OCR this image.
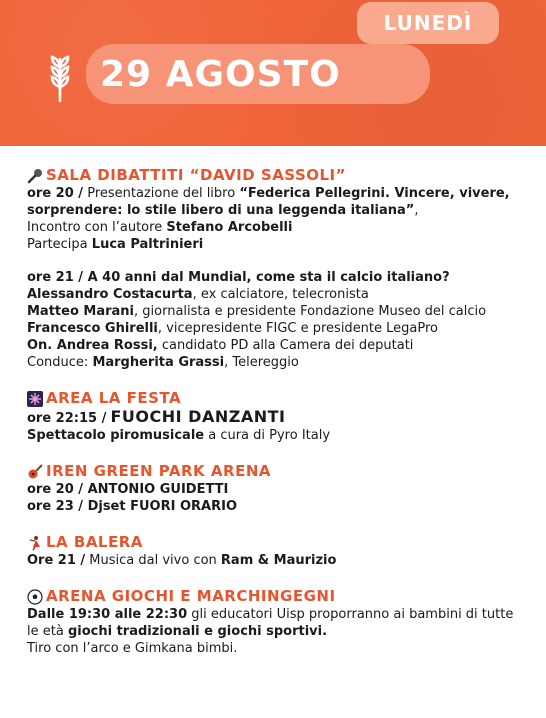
LUNEDÌ
29 AGOSTO
SALA DIBATTITI “DAVID SASSOLI”
ore 20 / Presentazione del libro “Federica Pellegrini. Vincere, vivere, sorprendere: lo stile libero di una leggenda italiana”,
Incontro con l’autore Stefano Arcobelli
Partecipa Luca Paltrinieri
ore 21 / A 40 anni dal Mundial, come sta il calcio italiano?
Alessandro Costacurta, ex calciatore, telecronista
Matteo Marani, giornalista e presidente Fondazione Museo del calcio
Francesco Ghirelli, vicepresidente FIGC e presidente LegaPro
On. Andrea Rossi, candidato PD alla Camera dei deputati
Conduce: Margherita Grassi, Telereggio
AREA LA FESTA
ore 22:15 / FUOCHI DANZANTI
Spettacolo piromusicale a cura di Pyro Italy
IREN GREEN PARK ARENA
ore 20 / ANTONIO GUIDETTI
ore 23 / Djset FUORI ORARIO
LA BALERA
Ore 21 / Musica dal vivo con Ram & Maurizio
ARENA GIOCHI E MARCHINGEGNI
Dalle 19:30 alle 22:30 gli educatori Uisp proporranno ai bambini di tutte le età giochi tradizionali e giochi sportivi.
Tiro con l’arco e Gimkana bimbi.
